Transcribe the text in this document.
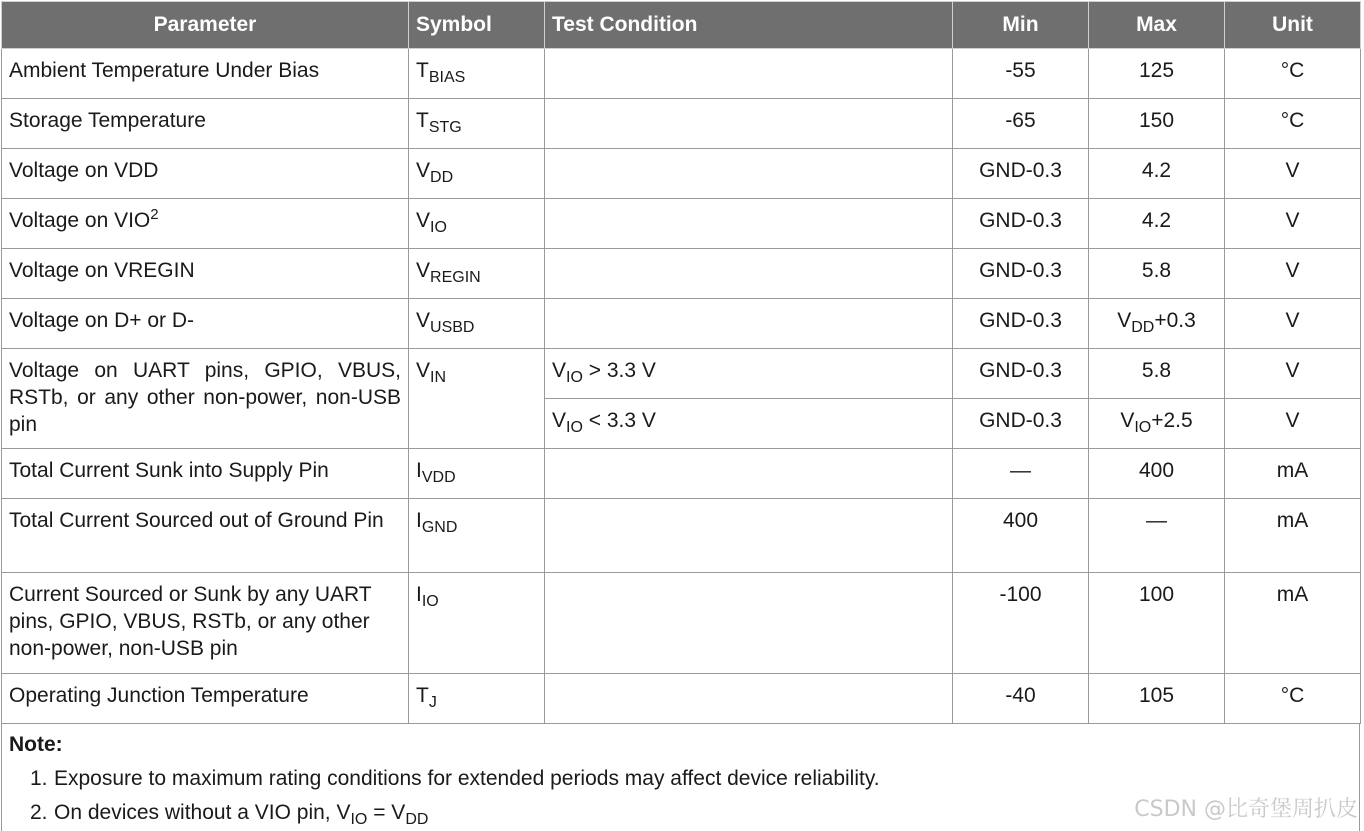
Parameter	Symbol	Test Condition	Min	Max	Unit
Ambient Temperature Under Bias	$T_{BIAS}$		-55	125	°C
Storage Temperature	$T_{STG}$		-65	150	°C
Voltage on VDD	$V_{DD}$		GND-0.3	4.2	V
Voltage on VIO$^2$	$V_{IO}$		GND-0.3	4.2	V
Voltage on VREGIN	$V_{REGIN}$		GND-0.3	5.8	V
Voltage on D+ or D-	$V_{USBD}$		GND-0.3	$V_{DD}+0.3$	V
Voltage on UART pins, GPIO, VBUS, RSTb, or any other non-power, non-USB pin	$V_{IN}$	$V_{IO} > 3.3$ V	GND-0.3	5.8	V
		$V_{IO} < 3.3$ V	GND-0.3	$V_{IO}+2.5$	V
Total Current Sunk into Supply Pin	$I_{VDD}$		—	400	mA
Total Current Sourced out of Ground Pin	$I_{GND}$		400	—	mA
Current Sourced or Sunk by any UART pins, GPIO, VBUS, RSTb, or any other non-power, non-USB pin	$I_{IO}$		-100	100	mA
Operating Junction Temperature	$T_J$		-40	105	°C
Note:
1. Exposure to maximum rating conditions for extended periods may affect device reliability.
2. On devices without a VIO pin, $V_{IO} = V_{DD}$	CSDN @比奇堡周扒皮
